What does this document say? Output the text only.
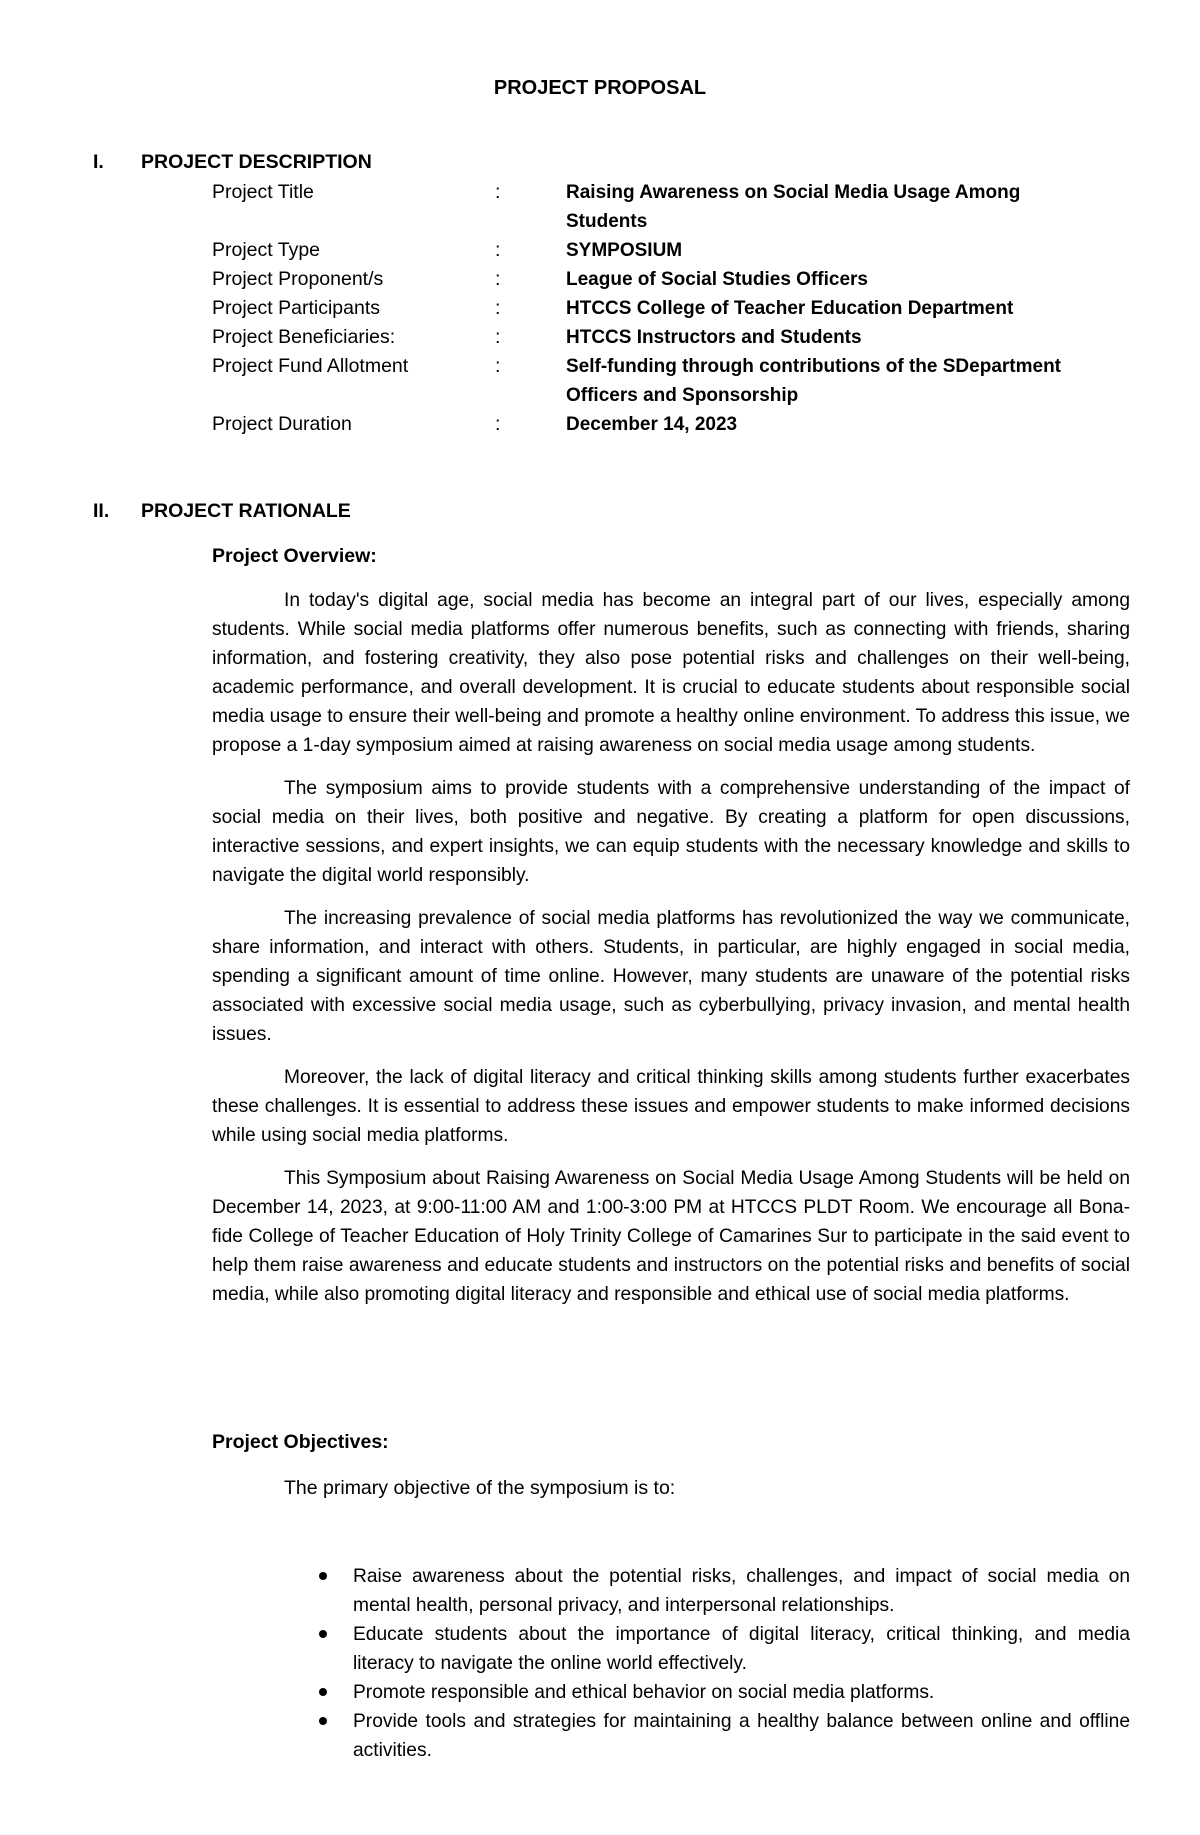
PROJECT PROPOSAL
I. PROJECT DESCRIPTION
Project Title	:	Raising Awareness on Social Media Usage Among Students
Project Type	:	SYMPOSIUM
Project Proponent/s	:	League of Social Studies Officers
Project Participants	:	HTCCS College of Teacher Education Department
Project Beneficiaries:	:	HTCCS Instructors and Students
Project Fund Allotment	:	Self-funding through contributions of the SDepartment Officers and Sponsorship
Project Duration	:	December 14, 2023
II. PROJECT RATIONALE
Project Overview:

In today's digital age, social media has become an integral part of our lives, especially among students. While social media platforms offer numerous benefits, such as connecting with friends, sharing information, and fostering creativity, they also pose potential risks and challenges on their well-being, academic performance, and overall development. It is crucial to educate students about responsible social media usage to ensure their well-being and promote a healthy online environment. To address this issue, we propose a 1-day symposium aimed at raising awareness on social media usage among students.

The symposium aims to provide students with a comprehensive understanding of the impact of social media on their lives, both positive and negative. By creating a platform for open discussions, interactive sessions, and expert insights, we can equip students with the necessary knowledge and skills to navigate the digital world responsibly.

The increasing prevalence of social media platforms has revolutionized the way we communicate, share information, and interact with others. Students, in particular, are highly engaged in social media, spending a significant amount of time online. However, many students are unaware of the potential risks associated with excessive social media usage, such as cyberbullying, privacy invasion, and mental health issues.

Moreover, the lack of digital literacy and critical thinking skills among students further exacerbates these challenges. It is essential to address these issues and empower students to make informed decisions while using social media platforms.

This Symposium about Raising Awareness on Social Media Usage Among Students will be held on December 14, 2023, at 9:00-11:00 AM and 1:00-3:00 PM at HTCCS PLDT Room. We encourage all Bona-fide College of Teacher Education of Holy Trinity College of Camarines Sur to participate in the said event to help them raise awareness and educate students and instructors on the potential risks and benefits of social media, while also promoting digital literacy and responsible and ethical use of social media platforms.

Project Objectives:
The primary objective of the symposium is to:
Raise awareness about the potential risks, challenges, and impact of social media on mental health, personal privacy, and interpersonal relationships.
Educate students about the importance of digital literacy, critical thinking, and media literacy to navigate the online world effectively.
Promote responsible and ethical behavior on social media platforms.
Provide tools and strategies for maintaining a healthy balance between online and offline activities.
